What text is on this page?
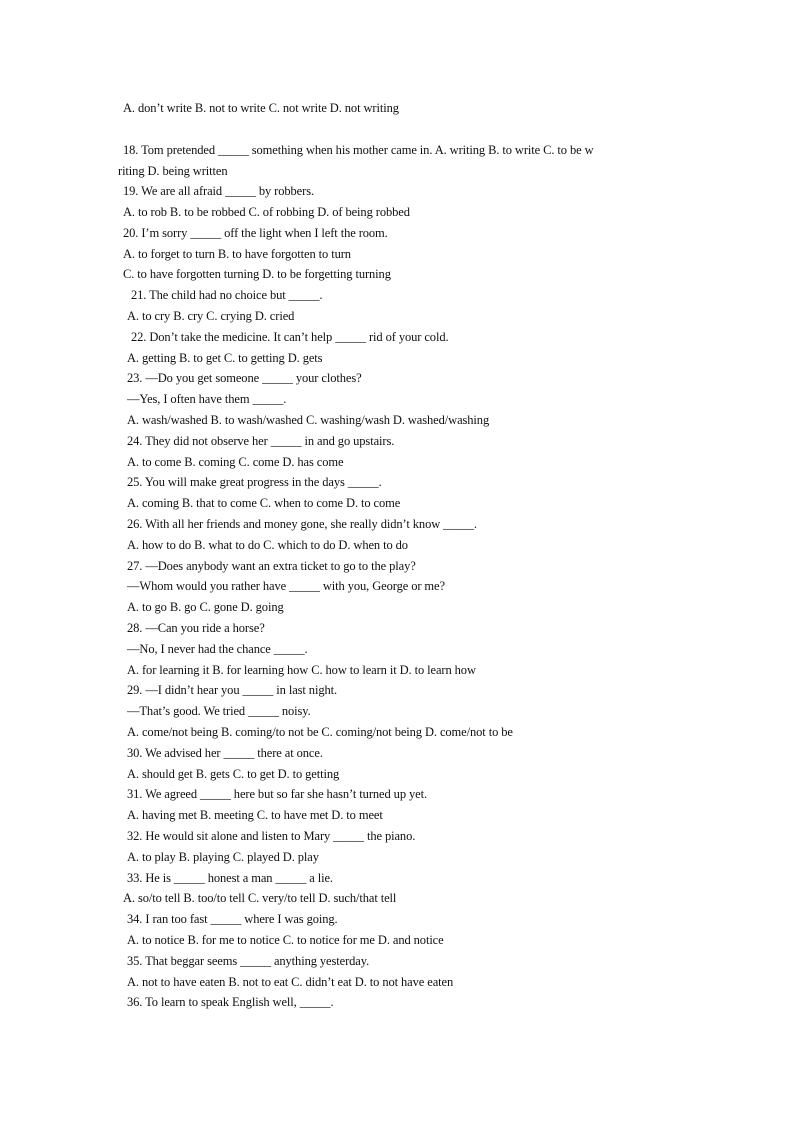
A. don’t write B. not to write C. not write D. not writing
18. Tom pretended _____ something when his mother came in. A. writing B. to write C. to be w
riting D. being written
19. We are all afraid _____ by robbers.
A. to rob B. to be robbed C. of robbing D. of being robbed
20. I’m sorry _____ off the light when I left the room.
A. to forget to turn B. to have forgotten to turn
C. to have forgotten turning D. to be forgetting turning
21. The child had no choice but _____.
A. to cry B. cry C. crying D. cried
22. Don’t take the medicine. It can’t help _____ rid of your cold.
A. getting B. to get C. to getting D. gets
23. —Do you get someone _____ your clothes?
—Yes, I often have them _____.
A. wash/washed B. to wash/washed C. washing/wash D. washed/washing
24. They did not observe her _____ in and go upstairs.
A. to come B. coming C. come D. has come
25. You will make great progress in the days _____.
A. coming B. that to come C. when to come D. to come
26. With all her friends and money gone, she really didn’t know _____.
A. how to do B. what to do C. which to do D. when to do
27. —Does anybody want an extra ticket to go to the play?
—Whom would you rather have _____ with you, George or me?
A. to go B. go C. gone D. going
28. —Can you ride a horse?
—No, I never had the chance _____.
A. for learning it B. for learning how C. how to learn it D. to learn how
29. —I didn’t hear you _____ in last night.
—That’s good. We tried _____ noisy.
A. come/not being B. coming/to not be C. coming/not being D. come/not to be
30. We advised her _____ there at once.
A. should get B. gets C. to get D. to getting
31. We agreed _____ here but so far she hasn’t turned up yet.
A. having met B. meeting C. to have met D. to meet
32. He would sit alone and listen to Mary _____ the piano.
A. to play B. playing C. played D. play
33. He is _____ honest a man _____ a lie.
A. so/to tell B. too/to tell C. very/to tell D. such/that tell
34. I ran too fast _____ where I was going.
A. to notice B. for me to notice C. to notice for me D. and notice
35. That beggar seems _____ anything yesterday.
A. not to have eaten B. not to eat C. didn’t eat D. to not have eaten
36. To learn to speak English well, _____.
